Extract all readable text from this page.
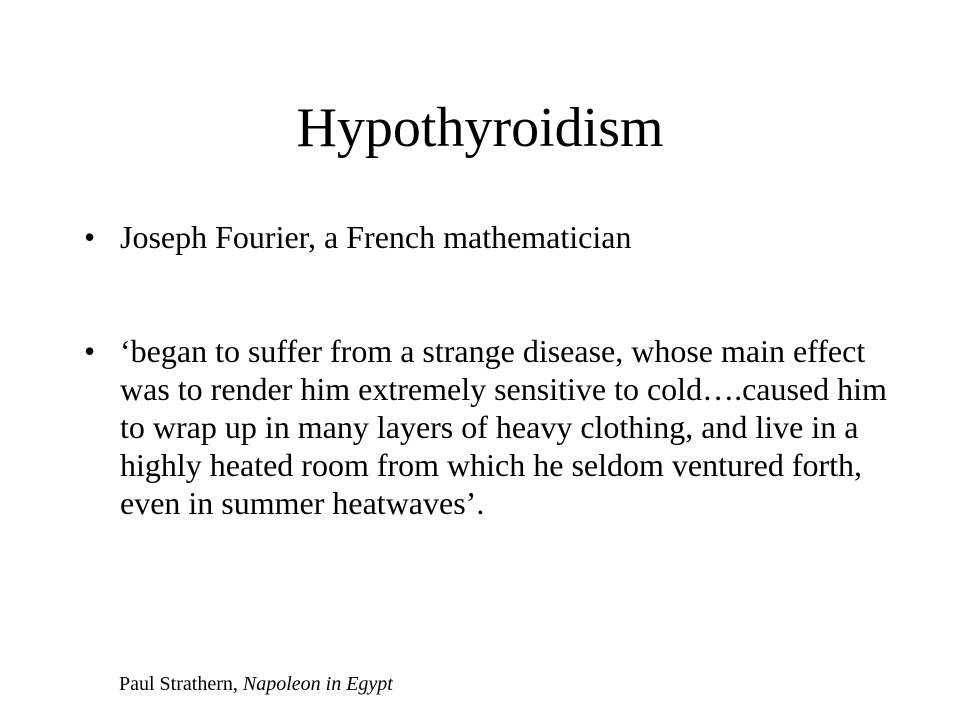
Hypothyroidism
• Joseph Fourier, a French mathematician
• ‘began to suffer from a strange disease, whose main effect was to render him extremely sensitive to cold….caused him to wrap up in many layers of heavy clothing, and live in a highly heated room from which he seldom ventured forth, even in summer heatwaves’.
Paul Strathern, Napoleon in Egypt
